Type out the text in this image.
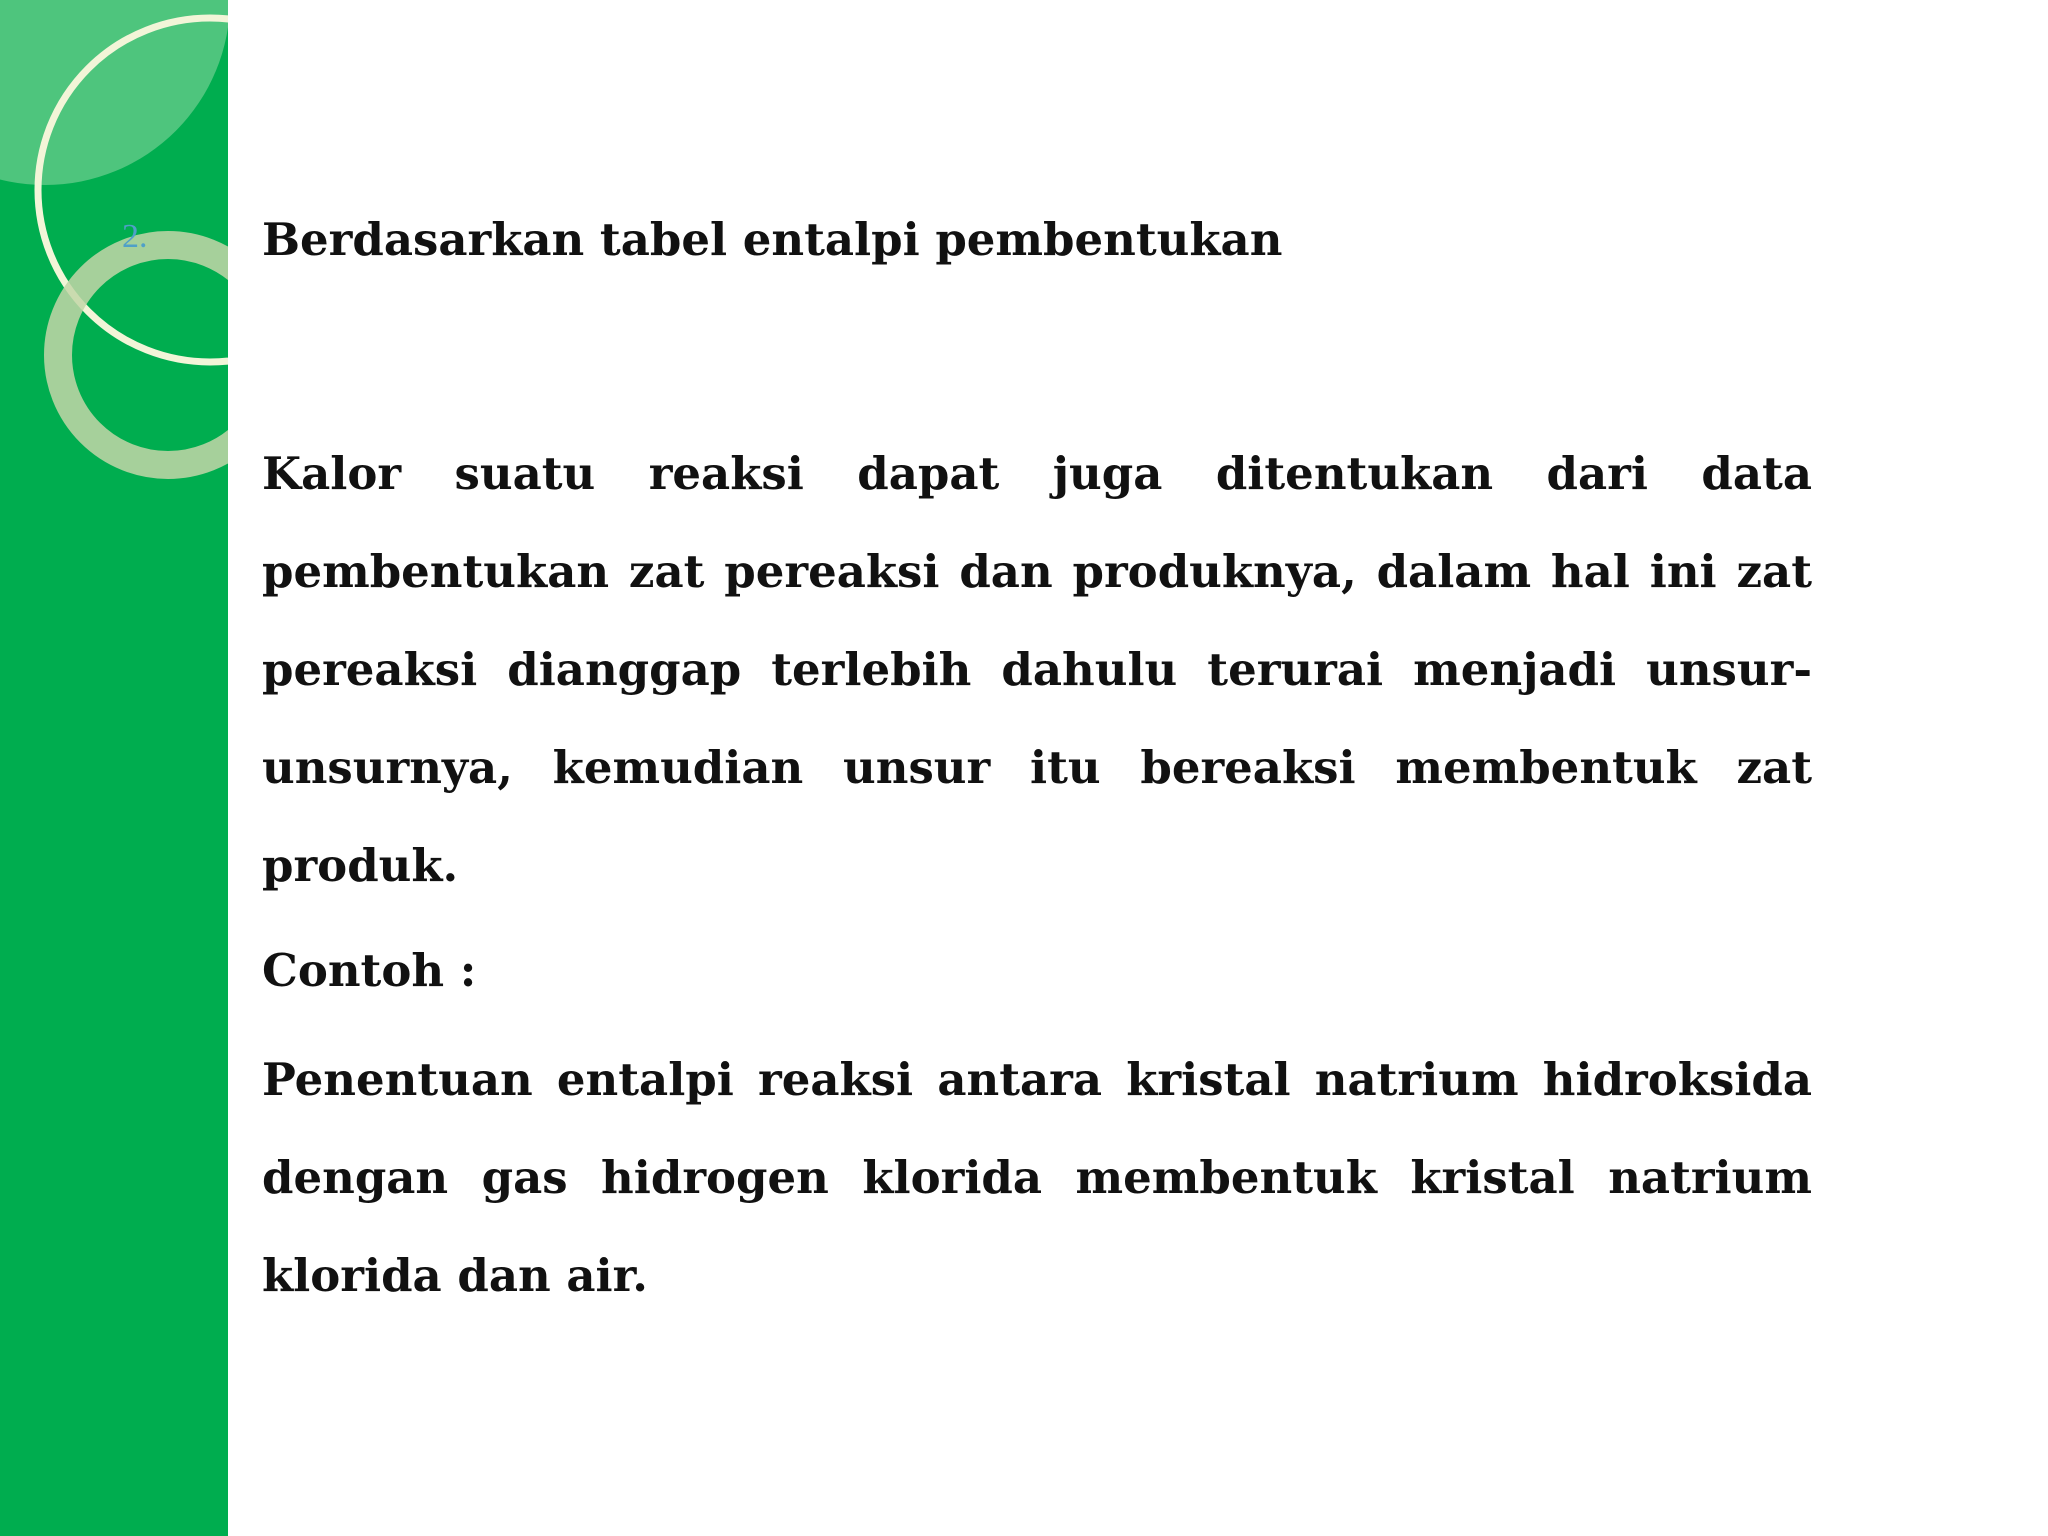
2.	Berdasarkan tabel entalpi pembentukan

Kalor suatu reaksi dapat juga ditentukan dari data pembentukan zat pereaksi dan produknya, dalam hal ini zat pereaksi dianggap terlebih dahulu terurai menjadi unsur-unsurnya, kemudian unsur itu bereaksi membentuk zat produk.

Contoh :

Penentuan entalpi reaksi antara kristal natrium hidroksida dengan gas hidrogen klorida membentuk kristal natrium klorida dan air.
